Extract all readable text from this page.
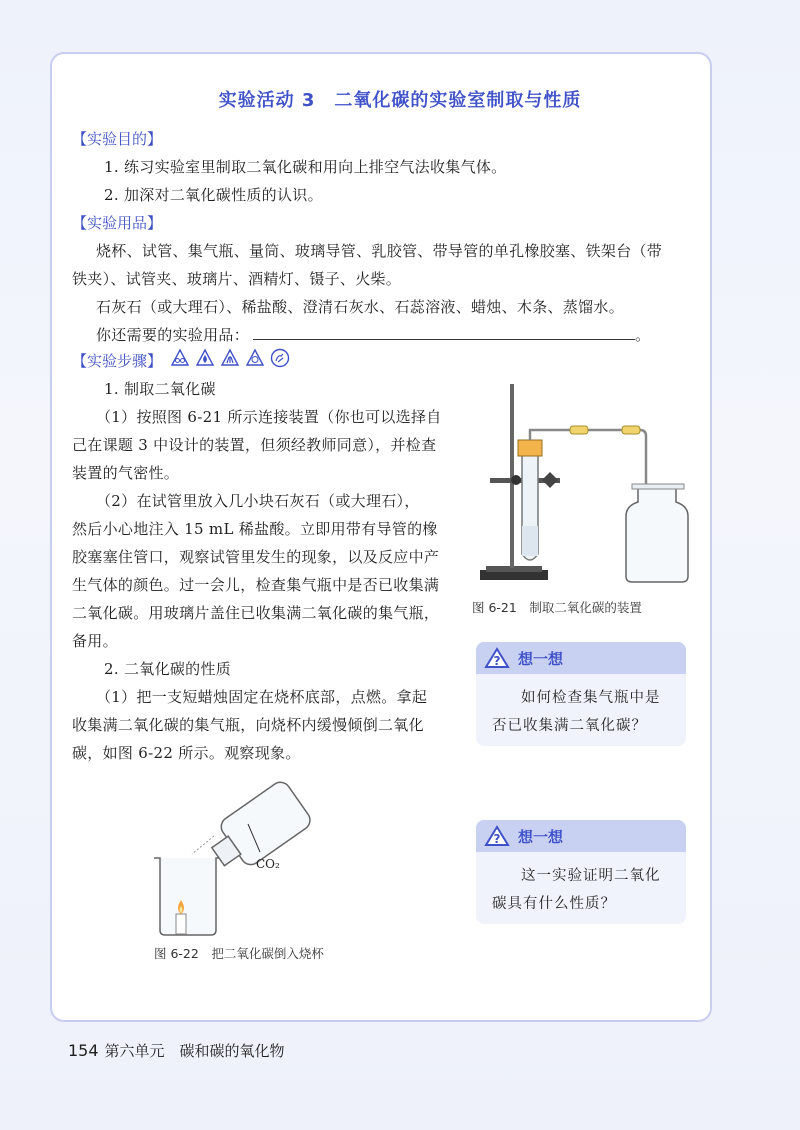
实验活动 3　二氧化碳的实验室制取与性质
【实验目的】
1. 练习实验室里制取二氧化碳和用向上排空气法收集气体。
2. 加深对二氧化碳性质的认识。
【实验用品】
烧杯、试管、集气瓶、量筒、玻璃导管、乳胶管、带导管的单孔橡胶塞、铁架台（带
铁夹）、试管夹、玻璃片、酒精灯、镊子、火柴。
石灰石（或大理石）、稀盐酸、澄清石灰水、石蕊溶液、蜡烛、木条、蒸馏水。
你还需要的实验用品：	。
【实验步骤】
1. 制取二氧化碳
（1）按照图 6-21 所示连接装置（你也可以选择自
己在课题 3 中设计的装置，但须经教师同意），并检查
装置的气密性。
（2）在试管里放入几小块石灰石（或大理石），
然后小心地注入 15 mL 稀盐酸。立即用带有导管的橡
胶塞塞住管口，观察试管里发生的现象，以及反应中产
生气体的颜色。过一会儿，检查集气瓶中是否已收集满
二氧化碳。用玻璃片盖住已收集满二氧化碳的集气瓶，
备用。
2. 二氧化碳的性质
（1）把一支短蜡烛固定在烧杯底部，点燃。拿起
收集满二氧化碳的集气瓶，向烧杯内缓慢倾倒二氧化
碳，如图 6-22 所示。观察现象。
图 6-21　制取二氧化碳的装置
? 想一想
如何检查集气瓶中是否已收集满二氧化碳？
CO₂
图 6-22　把二氧化碳倒入烧杯
? 想一想
这一实验证明二氧化碳具有什么性质？
154 第六单元　碳和碳的氧化物
